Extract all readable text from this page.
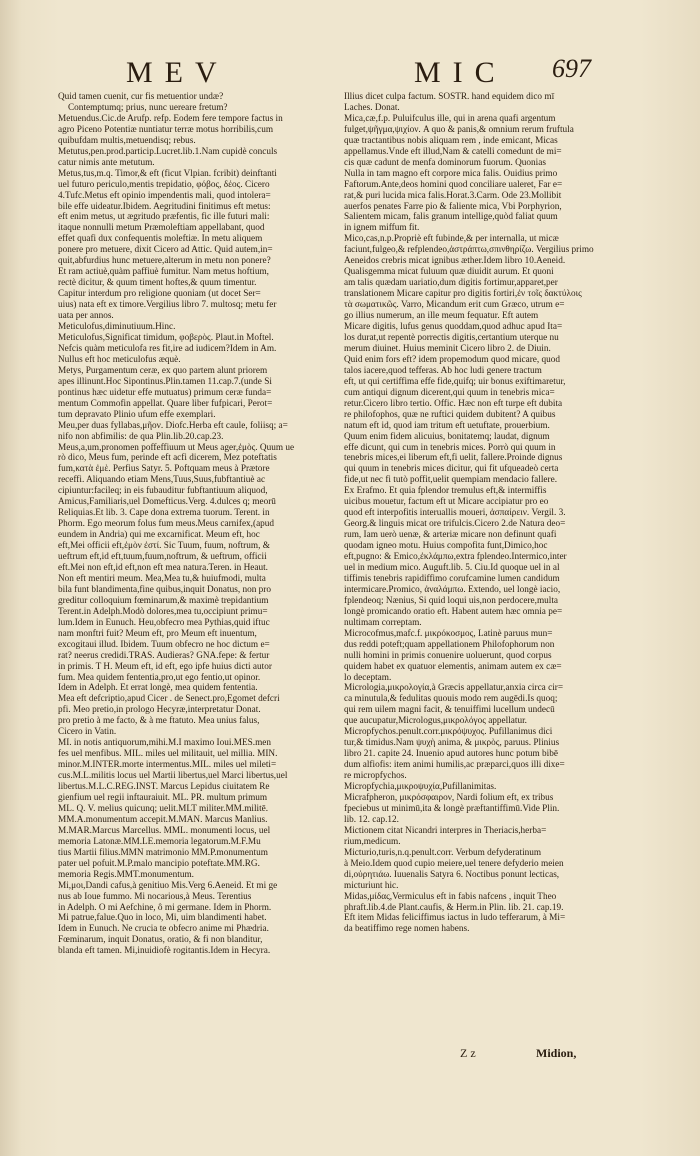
MEV	MIC 697
Quid tamen cuenit, cur fis metuentior undæ?
Contemptumq; prius, nunc uereare fretum?
Metuendus.Cic.de Arufp. refp. Eodem fere tempore factus in
agro Piceno Potentiæ nuntiatur terræ motus horribilis,cum
quibufdam multis,metuendisq; rebus.
Metutus,pen.prod.particip.Lucret.lib.1.Nam cupidè conculs
catur nimis ante metutum.
Metus,tus,m.q. Timor,& eft (ficut Vlpian. fcribit) deinftanti
uel futuro periculo,mentis trepidatio, φόβος, δέος. Cicero
4.Tufc.Metus eft opinio impendentis mali, quod intolera=
bile effe uideatur.Ibidem. Aegritudini finitimus eft metus:
eft enim metus, ut ægritudo præfentis, fic ille futuri mali:
itaque nonnulli metum Præmoleftiam appellabant, quod
effet quafi dux confequentis moleftiæ. In metu aliquem
ponere pro metuere, dixit Cicero ad Attic. Quid autem,in=
quit,abfurdius hunc metuere,alterum in metu non ponere?
Et ram actiuè,quàm paffiuè fumitur. Nam metus hoftium,
rectè dicitur, & quum timent hoftes,& quum timentur.
Capitur interdum pro religione quoniam (ut docet Ser=
uius) nata eft ex timore.Vergilius libro 7. multosq; metu fer
uata per annos.
Meticulofus,diminutiuum.Hinc.
Meticulofus,Significat timidum, φοβερὸς. Plaut.in Moftel.
Nefcis quàm meticulofa res fit,ire ad iudicem?Idem in Am.
Nullus eft hoc meticulofus æquè.
Metys, Purgamentum ceræ, ex quo partem alunt priorem
apes illinunt.Hoc Sipontinus.Plin.tamen 11.cap.7.(unde Si
pontinus hæc uidetur effe mutuatus) primum ceræ funda=
mentum Commofin appellat. Quare liber fufpicari, Perot=
tum depravato Plinio ufum effe exemplari.
Meu,per duas fyllabas,μῆον. Diofc.Herba eft caule, foliisq; a=
nifo non abfimilis: de qua Plin.lib.20.cap.23.
Meus,a,um,pronomen poffeffiuum ut Meus ager,ἐμὸς. Quum ue
rò dico, Meus fum, perinde eft acfi dicerem, Mez poteftatis
fum,κατὰ ἐμὲ. Perfius Satyr. 5. Poftquam meus à Prætore
receffi. Aliquando etiam Mens,Tuus,Suus,fubftantiuè ac
cipiuntur:facileq; in eis fubauditur fubftantiuum aliquod,
Amicus,Familiaris,uel Domefticus.Verg. 4.dulces q; meorū
Reliquias.Et lib. 3. Cape dona extrema tuorum. Terent. in
Phorm. Ego meorum folus fum meus.Meus carnifex,(apud
eundem in Andria) qui me excarnificat. Meum eft, hoc
eft,Mei officii eft,ἐμὸν ἐστί. Sic Tuum, fuum, noftrum, &
ueftrum eft,id eft,tuum,fuum,noftrum, & ueftrum, officii
eft.Mei non eft,id eft,non eft mea natura.Teren. in Heaut.
Non eft mentiri meum. Mea,Mea tu,& huiufmodi, multa
bila funt blandimenta,fine quibus,inquit Donatus, non pro
greditur colloquium fœminarum,& maximè trepidantium
Terent.in Adelph.Modò dolores,mea tu,occipiunt primu=
lum.Idem in Eunuch. Heu,obfecro mea Pythias,quid iftuc
nam monftri fuit? Meum eft, pro Meum eft inuentum,
excogitaui illud. Ibidem. Tuum obfecro ne hoc dictum e=
rat? neerus credidi.TRAS. Audieras? GNA.fepe: & fertur
in primis. T H. Meum eft, id eft, ego ipfe huius dicti autor
fum. Mea quidem fententia,pro,ut ego fentio,ut opinor.
Idem in Adelph. Et errat longè, mea quidem fententia.
Mea eft defcriptio,apud Cicer . de Senect.pro,Egomet defcri
pfi. Meo pretio,in prologo Hecyræ,interpretatur Donat.
pro pretio à me facto, & à me ftatuto. Mea unius falus,
Cicero in Vatin.
MI. in notis antiquorum,mihi.M.I maximo Ioui.MES.men
fes uel menfibus. MIL. miles uel militauit, uel millia. MIN.
minor.M.INTER.morte intermentus.MIL. miles uel mileti=
cus.M.L.militis locus uel Martii libertus,uel Marci libertus,uel
libertus.M.L.C.REG.INST. Marcus Lepidus ciuitatem Re
gienfium uel regii inftauraiuit. ML. PR. multum primum
ML. Q. V. melius quicunq; uelit.MLT militer.MM.militē.
MM.A.monumentum accepit.M.MAN. Marcus Manlius.
M.MAR.Marcus Marcellus. MML. monumenti locus, uel
memoria Latonæ.MM.LE.memoria legatorum.M.F.Mu
tius Martii filius.MMN matrimonio MM.P.monumentum
pater uel pofuit.M.P.malo mancipio poteftate.MM.RG.
memoria Regis.MMT.monumentum.
Mi,μοι,Dandi cafus,à genitiuo Mis.Verg 6.Aeneid. Et mi ge
nus ab Ioue fummo. Mi nocarious,à Meus. Terentius
in Adelph. O mi Aefchine, ô mi germane. Idem in Phorm.
Mi patrue,falue.Quo in loco, Mi, uim blandimenti habet.
Idem in Eunuch. Ne crucia te obfecro anime mi Phædria.
Fœminarum, inquit Donatus, oratio, & fi non blanditur,
blanda eft tamen. Mi,inuidiofè rogitantis.Idem in Hecyra.
Illius dicet culpa factum. SOSTR. hand equidem dico mī
Laches. Donat.
Mica,cæ,f.p. Puluifculus ille, qui in arena quafi argentum
fulget,ψῆγμα,ψιχίον. A quo & panis,& omnium rerum fruftula
quæ tractantibus nobis aliquam rem , inde emicant, Micas
appellamus.Vnde eft illud,Nam & catelli comedunt de mi=
cis quæ cadunt de menfa dominorum fuorum. Quonias
Nulla in tam magno eft corpore mica falis. Ouidius primo
Faftorum.Ante,deos homini quod conciliare ualeret, Far e=
rat,& puri lucida mica falis.Horat.3.Carm. Ode 23.Mollibit
auerfos penates Farre pio & faliente mica, Vbi Porphyrion,
Salientem micam, falis granum intellige,quòd faliat quum
in ignem miffum fit.
Mico,cas,n.p.Propriè eft fubinde,& per internalla, ut micæ
faciunt,fulgeo,& refplendeo,ἀστράπτω,σπινθηρίζω. Vergilius primo
Aeneidos crebris micat ignibus æther.Idem libro 10.Aeneid.
Qualisgemma micat fuluum quæ diuidit aurum. Et quoni
am talis quædam uariatio,dum digitis fortimur,apparet,per
translationem Micare capitur pro digitis fortiri,ἐν τοῖς δακτύλοις
τὰ σωματικῶς. Varro, Micandum erit cum Græco, utrum e=
go illius numerum, an ille meum fequatur. Eft autem
Micare digitis, lufus genus quoddam,quod adhuc apud Ita=
los durat,ut repentè porrectis digitis,certantium uterque nu
merum diuinet. Huius meminit Cicero libro 2. de Diuin.
Quid enim fors eft? idem propemodum quod micare, quod
talos iacere,quod tefferas. Ab hoc ludi genere tractum
eft, ut qui certiffima effe fide,quifq; uir bonus exiftimaretur,
cum antiqui dignum dicerent,qui quum in tenebris mica=
retur.Cicero libro tertio. Offic. Hæc non eft turpe eft dubita
re philofophos, quæ ne ruftici quidem dubitent? A quibus
natum eft id, quod iam tritum eft uetuftate, prouerbium.
Quum enim fidem alicuius, bonitatemq; laudat, dignum
effe dicunt, qui cum in tenebris mices. Porrò qui quum in
tenebris mices,ei liberum eft,fi uelit, fallere.Proinde dignus
qui quum in tenebris mices dicitur, qui fit ufqueadeò certa
fide,ut nec fi tutò poffit,uelit quempiam mendacio fallere.
Ex Erafmo. Et quia fplendor tremulus eft,& intermiffis
uicibus mouetur, factum eft ut Micare accipiatur pro eo
quod eft interpofitis interuallis moueri, ἀσπαίρειν. Vergil. 3.
Georg.& linguis micat ore trifulcis.Cicero 2.de Natura deo=
rum, Iam uerò uenæ, & arteriæ micare non definunt quafi
quodam igneo motu. Huius compofita funt,Dimico,hoc
eft,pugno: & Emico,ἐκλάμπω,extra fplendeo.Intermico,inter
uel in medium mico. Auguft.lib. 5. Ciu.Id quoque uel in al
tiffimis tenebris rapidiffimo corufcamine lumen candidum
intermicare.Promico, ἀναλάμπω. Extendo, uel longè iacio,
fplendeoq; Nænius, Si quid loqui uis,non perdocere,multa
longè promicando oratio eft. Habent autem hæc omnia pe=
nultimam correptam.
Microcofmus,mafc.f. μικρόκοσμος, Latinè paruus mun=
dus reddi poteft;quam appellationem Philofophorum non
nulli homini in primis conuenire uoluerunt, quod corpus
quidem habet ex quatuor elementis, animam autem ex cæ=
lo deceptam.
Micrologia,μικρολογία,à Græcis appellatur,anxia circa cir=
ca minutula,& fedulitas quouis modo rem augēdi.Is quoq;
qui rem uilem magni facit, & tenuiffimi lucellum undecū
que aucupatur,Micrologus,μικρολόγος appellatur.
Micropfychos.penult.corr.μικρόψυχος. Pufillanimus dici
tur,& timidus.Nam ψυχὴ anima, & μικρὸς, paruus. Plinius
libro 21. capite 24. Inuenio apud autores hunc potum bibē
dum alfiofis: item animi humilis,ac præparci,quos illi dixe=
re micropfychos.
Micropfychia,μικροψυχία,Pufillanimitas.
Micrafpheron, μικρόσφαιρον, Nardi folium eft, ex tribus
fpeciebus ut minimū,ita & longè præftantiffimū.Vide Plin.
lib. 12. cap.12.
Mictionem citat Nicandri interpres in Theriacis,herba=
rium,medicum.
Micturio,turis,n.q.penult.corr. Verbum defyderatinum
à Meio.Idem quod cupio meiere,uel tenere defyderio meien
di,οὐρητιάω. Iuuenalis Satyra 6. Noctibus ponunt lecticas,
micturiunt hic.
Midas,μίδας,Vermiculus eft in fabis nafcens , inquit Theo
phraft.lib.4.de Plant.caufis, & Herm.in Plin. lib. 21. cap.19.
Eft item Midas feliciffimus iactus in ludo tefferarum, à Mi=
da beatiffimo rege nomen habens.
Z z	Midion,
